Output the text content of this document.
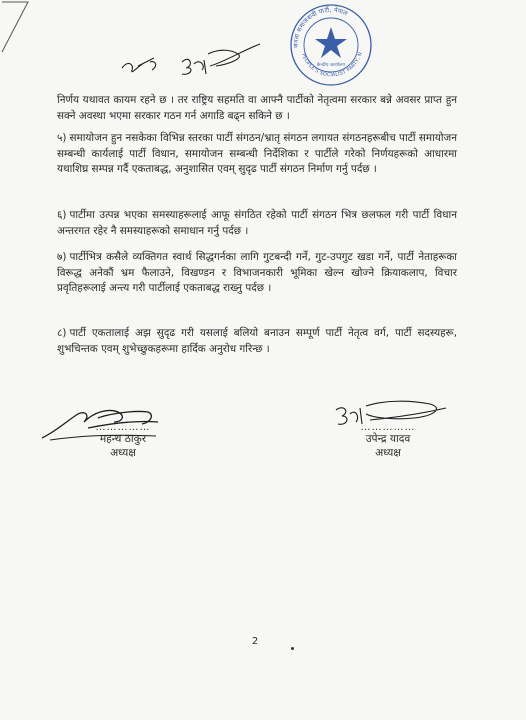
जनता समाजवादी पार्टी, नेपाल
PEOPLE'S SOCIALIST PARTY, N
केन्द्रीय कार्यालय
निर्णय यथावत कायम रहने छ । तर राष्ट्रिय सहमति वा आफ्नै पार्टीको नेतृत्वमा सरकार बन्ने अवसर प्राप्त हुन सक्ने अवस्था भएमा सरकार गठन गर्न अगाडि बढ्न सकिने छ ।
५) समायोजन हुन नसकेका विभिन्न स्तरका पार्टी संगठन/भ्रातृ संगठन लगायत संगठनहरूबीच पार्टी समायोजन सम्बन्धी कार्यलाई पार्टी विधान, समायोजन सम्बन्धी निर्देशिका र पार्टीले गरेको निर्णयहरूको आधारमा यथाशिघ्र सम्पन्न गर्दै एकताबद्ध, अनुशासित एवम् सुदृढ पार्टी संगठन निर्माण गर्नु पर्दछ ।
६) पार्टीमा उत्पन्न भएका समस्याहरूलाई आफू संगठित रहेको पार्टी संगठन भित्र छलफल गरी पार्टी विधान अन्तरगत रहेर नै समस्याहरूको समाधान गर्नु पर्दछ ।
७) पार्टीभित्र कसैले व्यक्तिगत स्वार्थ सिद्धगर्नका लागि गुटबन्दी गर्ने, गुट-उपगुट खडा गर्ने, पार्टी नेताहरूका विरूद्ध अनेकौं भ्रम फैलाउने, विखण्डन र विभाजनकारी भूमिका खेल्न खोज्ने क्रियाकलाप, विचार प्रवृतिहरूलाई अन्त्य गरी पार्टीलाई एकताबद्ध राख्नु पर्दछ ।
८) पार्टी एकतालाई अझ सुदृढ गरी यसलाई बलियो बनाउन सम्पूर्ण पार्टी नेतृत्व वर्ग, पार्टी सदस्यहरू, शुभचिन्तक एवम् शुभेच्छुकहरूमा हार्दिक अनुरोध गरिन्छ ।
……………
महन्थ ठाकुर
अध्यक्ष
……………
उपेन्द्र यादव
अध्यक्ष
2
